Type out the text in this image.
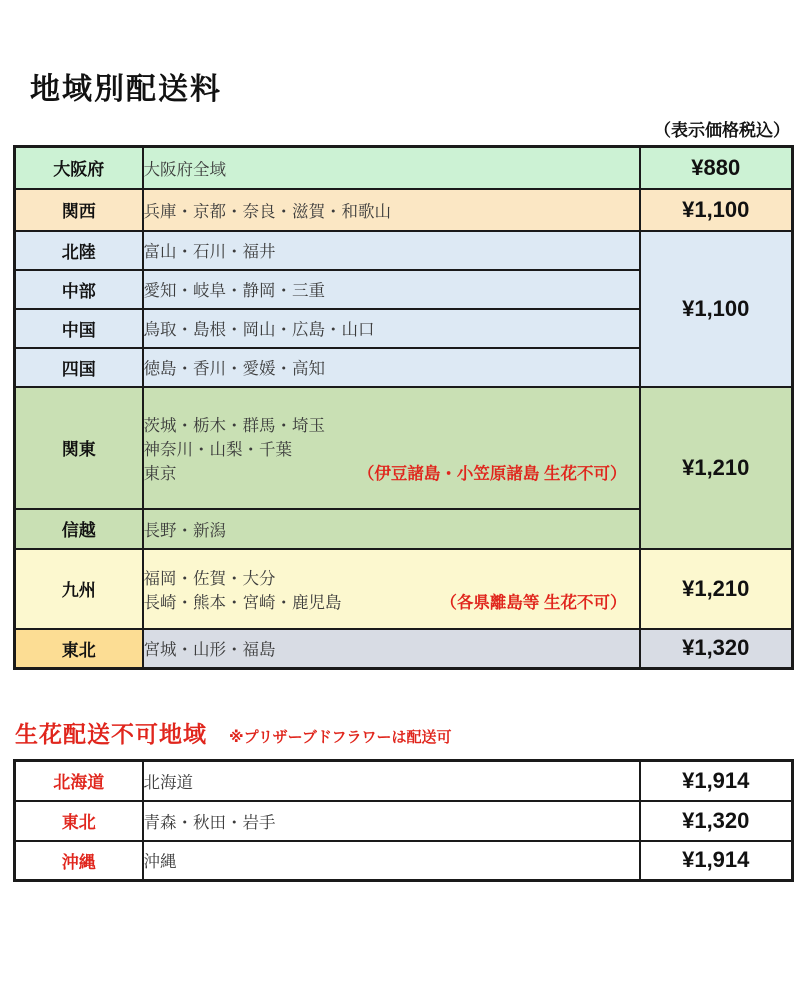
地域別配送料
（表示価格税込）
大阪府	大阪府全域	¥880
関西	兵庫・京都・奈良・滋賀・和歌山	¥1,100
北陸	富山・石川・福井	¥1,100
中部	愛知・岐阜・静岡・三重	
中国	鳥取・島根・岡山・広島・山口	
四国	徳島・香川・愛媛・高知	
関東	茨城・栃木・群馬・埼玉
神奈川・山梨・千葉
東京 （伊豆諸島・小笠原諸島 生花不可）	¥1,210
信越	長野・新潟	
九州	福岡・佐賀・大分
長崎・熊本・宮崎・鹿児島 （各県離島等 生花不可）	¥1,210
東北	宮城・山形・福島	¥1,320
生花配送不可地域 ※プリザーブドフラワーは配送可
北海道	北海道	¥1,914
東北	青森・秋田・岩手	¥1,320
沖縄	沖縄	¥1,914
